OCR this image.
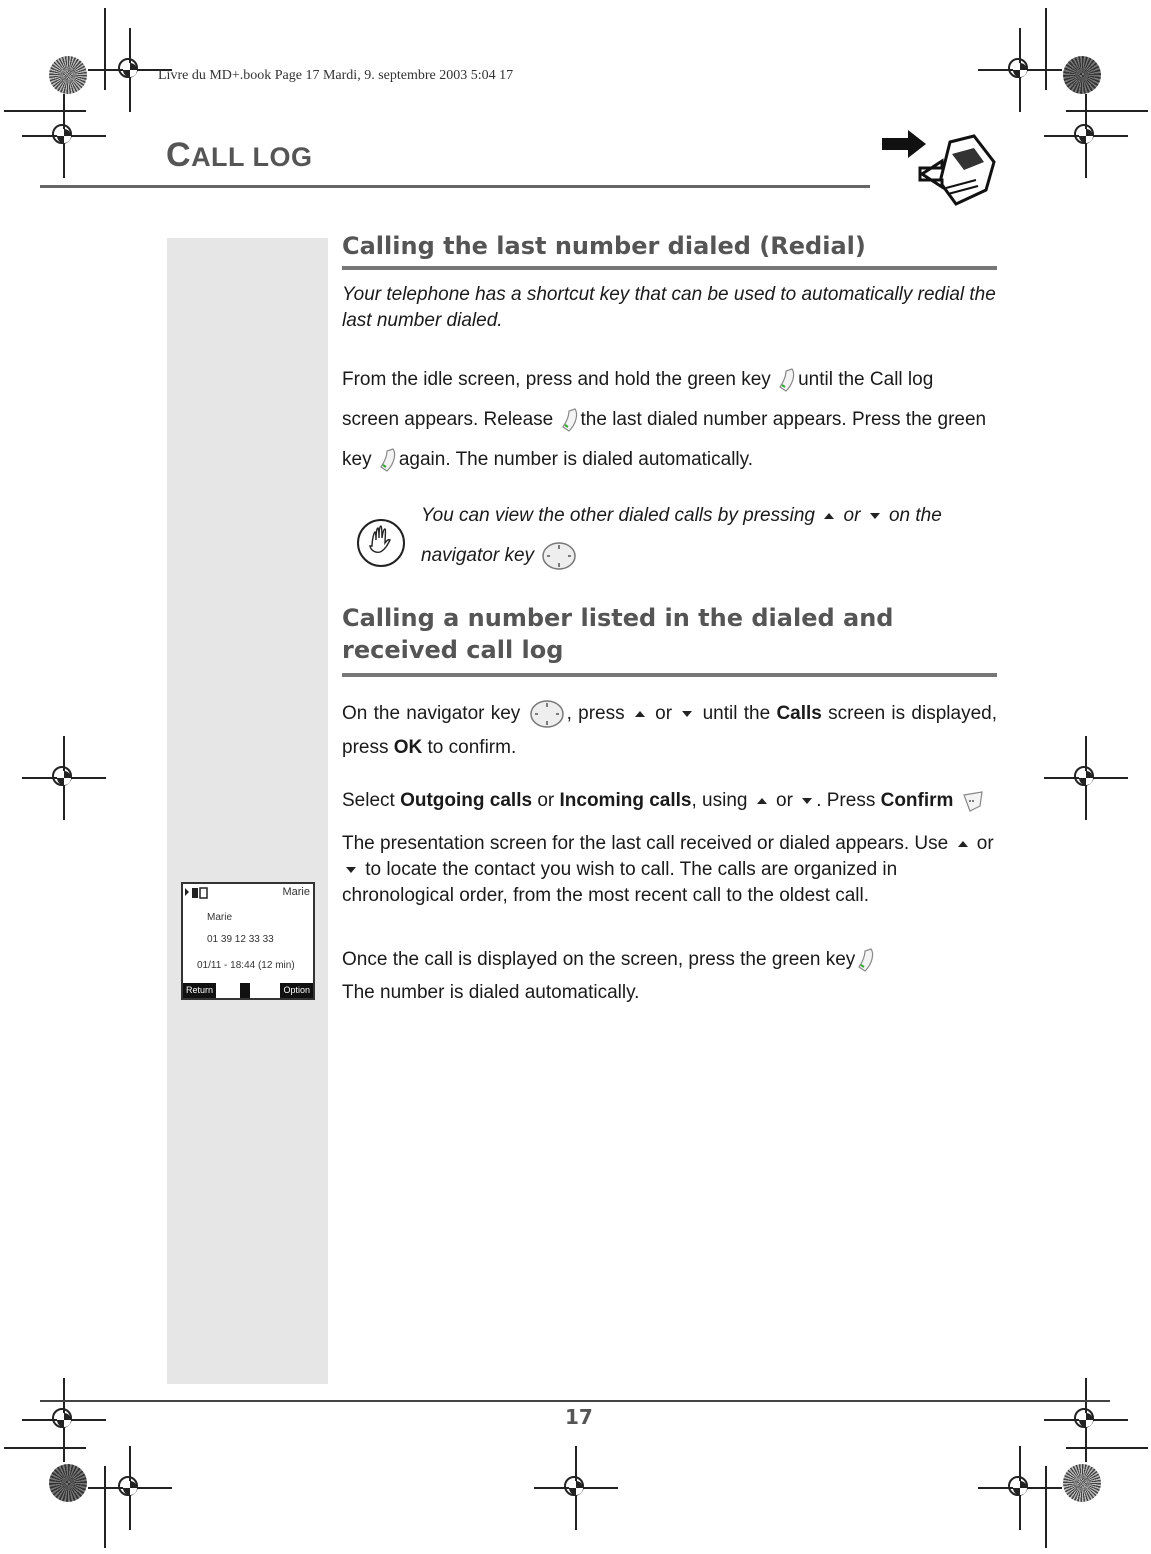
Livre du MD+.book Page 17 Mardi, 9. septembre 2003 5:04 17
CALL LOG
Marie
Marie
01 39 12 33 33
01/11 - 18:44 (12 min)
Return	Option
Calling the last number dialed (Redial)

Your telephone has a shortcut key that can be used to automatically redial the last number dialed.

From the idle screen, press and hold the green key until the Call log screen appears. Release the last dialed number appears. Press the green key again. The number is dialed automatically.

You can view the other dialed calls by pressing  or  on the navigator key
Calling a number listed in the dialed and received call log

On the navigator key , press  or  until the Calls screen is displayed, press OK to confirm.

Select Outgoing calls or Incoming calls, using  or . Press Confirm

The presentation screen for the last call received or dialed appears. Use  or  to locate the contact you wish to call. The calls are organized in chronological order, from the most recent call to the oldest call.

Once the call is displayed on the screen, press the green key
The number is dialed automatically.

17
